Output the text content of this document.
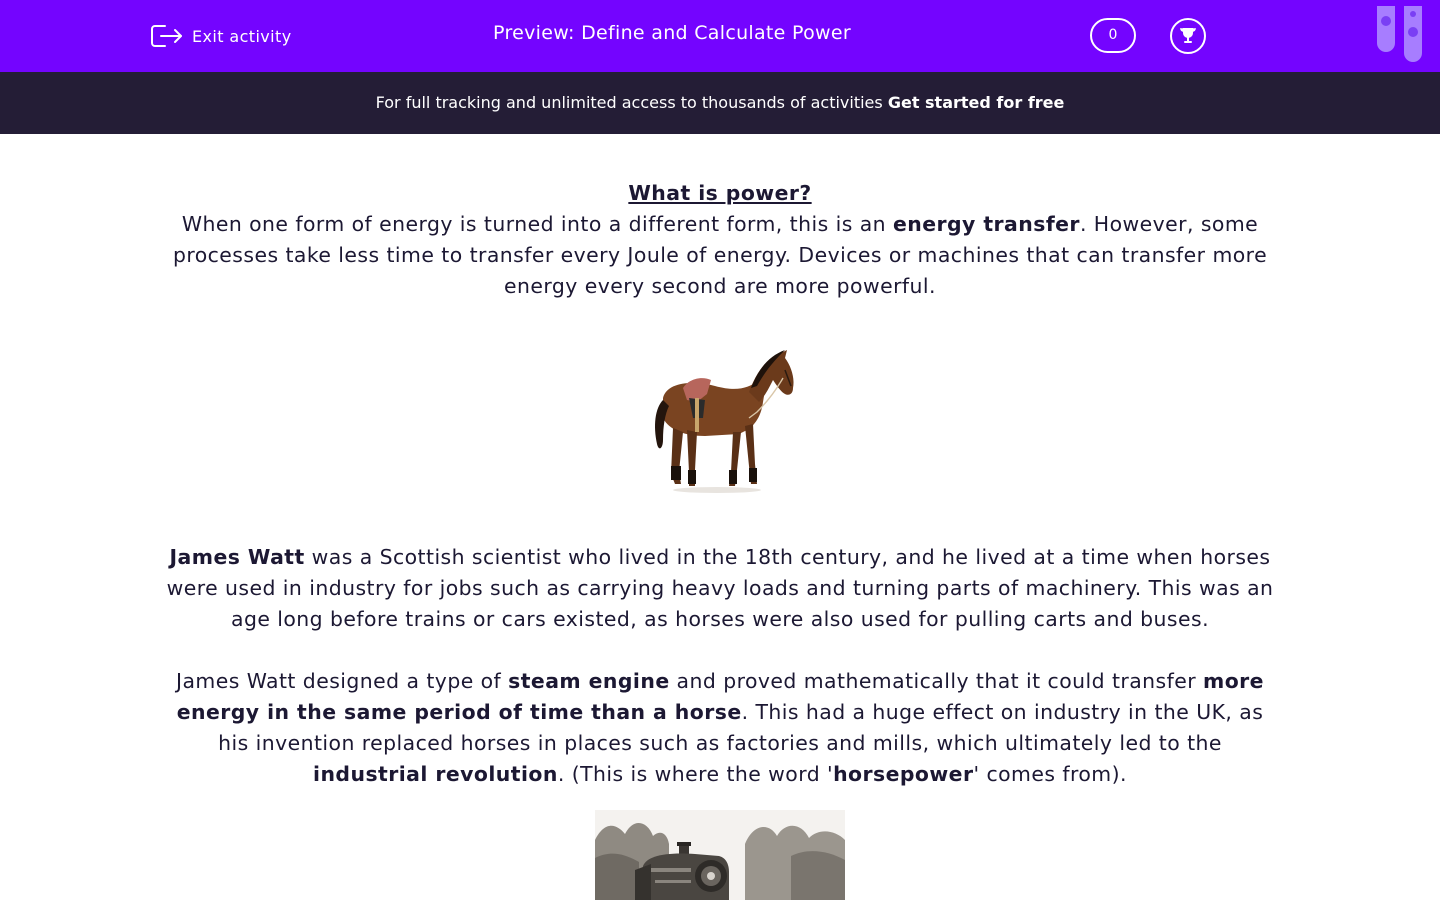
Exit activity	Preview: Define and Calculate Power	0
For full tracking and unlimited access to thousands of activities Get started for free
What is power?

When one form of energy is turned into a different form, this is an energy transfer. However, some processes take less time to transfer every Joule of energy. Devices or machines that can transfer more energy every second are more powerful.

James Watt was a Scottish scientist who lived in the 18th century, and he lived at a time when horses were used in industry for jobs such as carrying heavy loads and turning parts of machinery. This was an age long before trains or cars existed, as horses were also used for pulling carts and buses.

James Watt designed a type of steam engine and proved mathematically that it could transfer more energy in the same period of time than a horse. This had a huge effect on industry in the UK, as his invention replaced horses in places such as factories and mills, which ultimately led to the industrial revolution. (This is where the word 'horsepower' comes from).
